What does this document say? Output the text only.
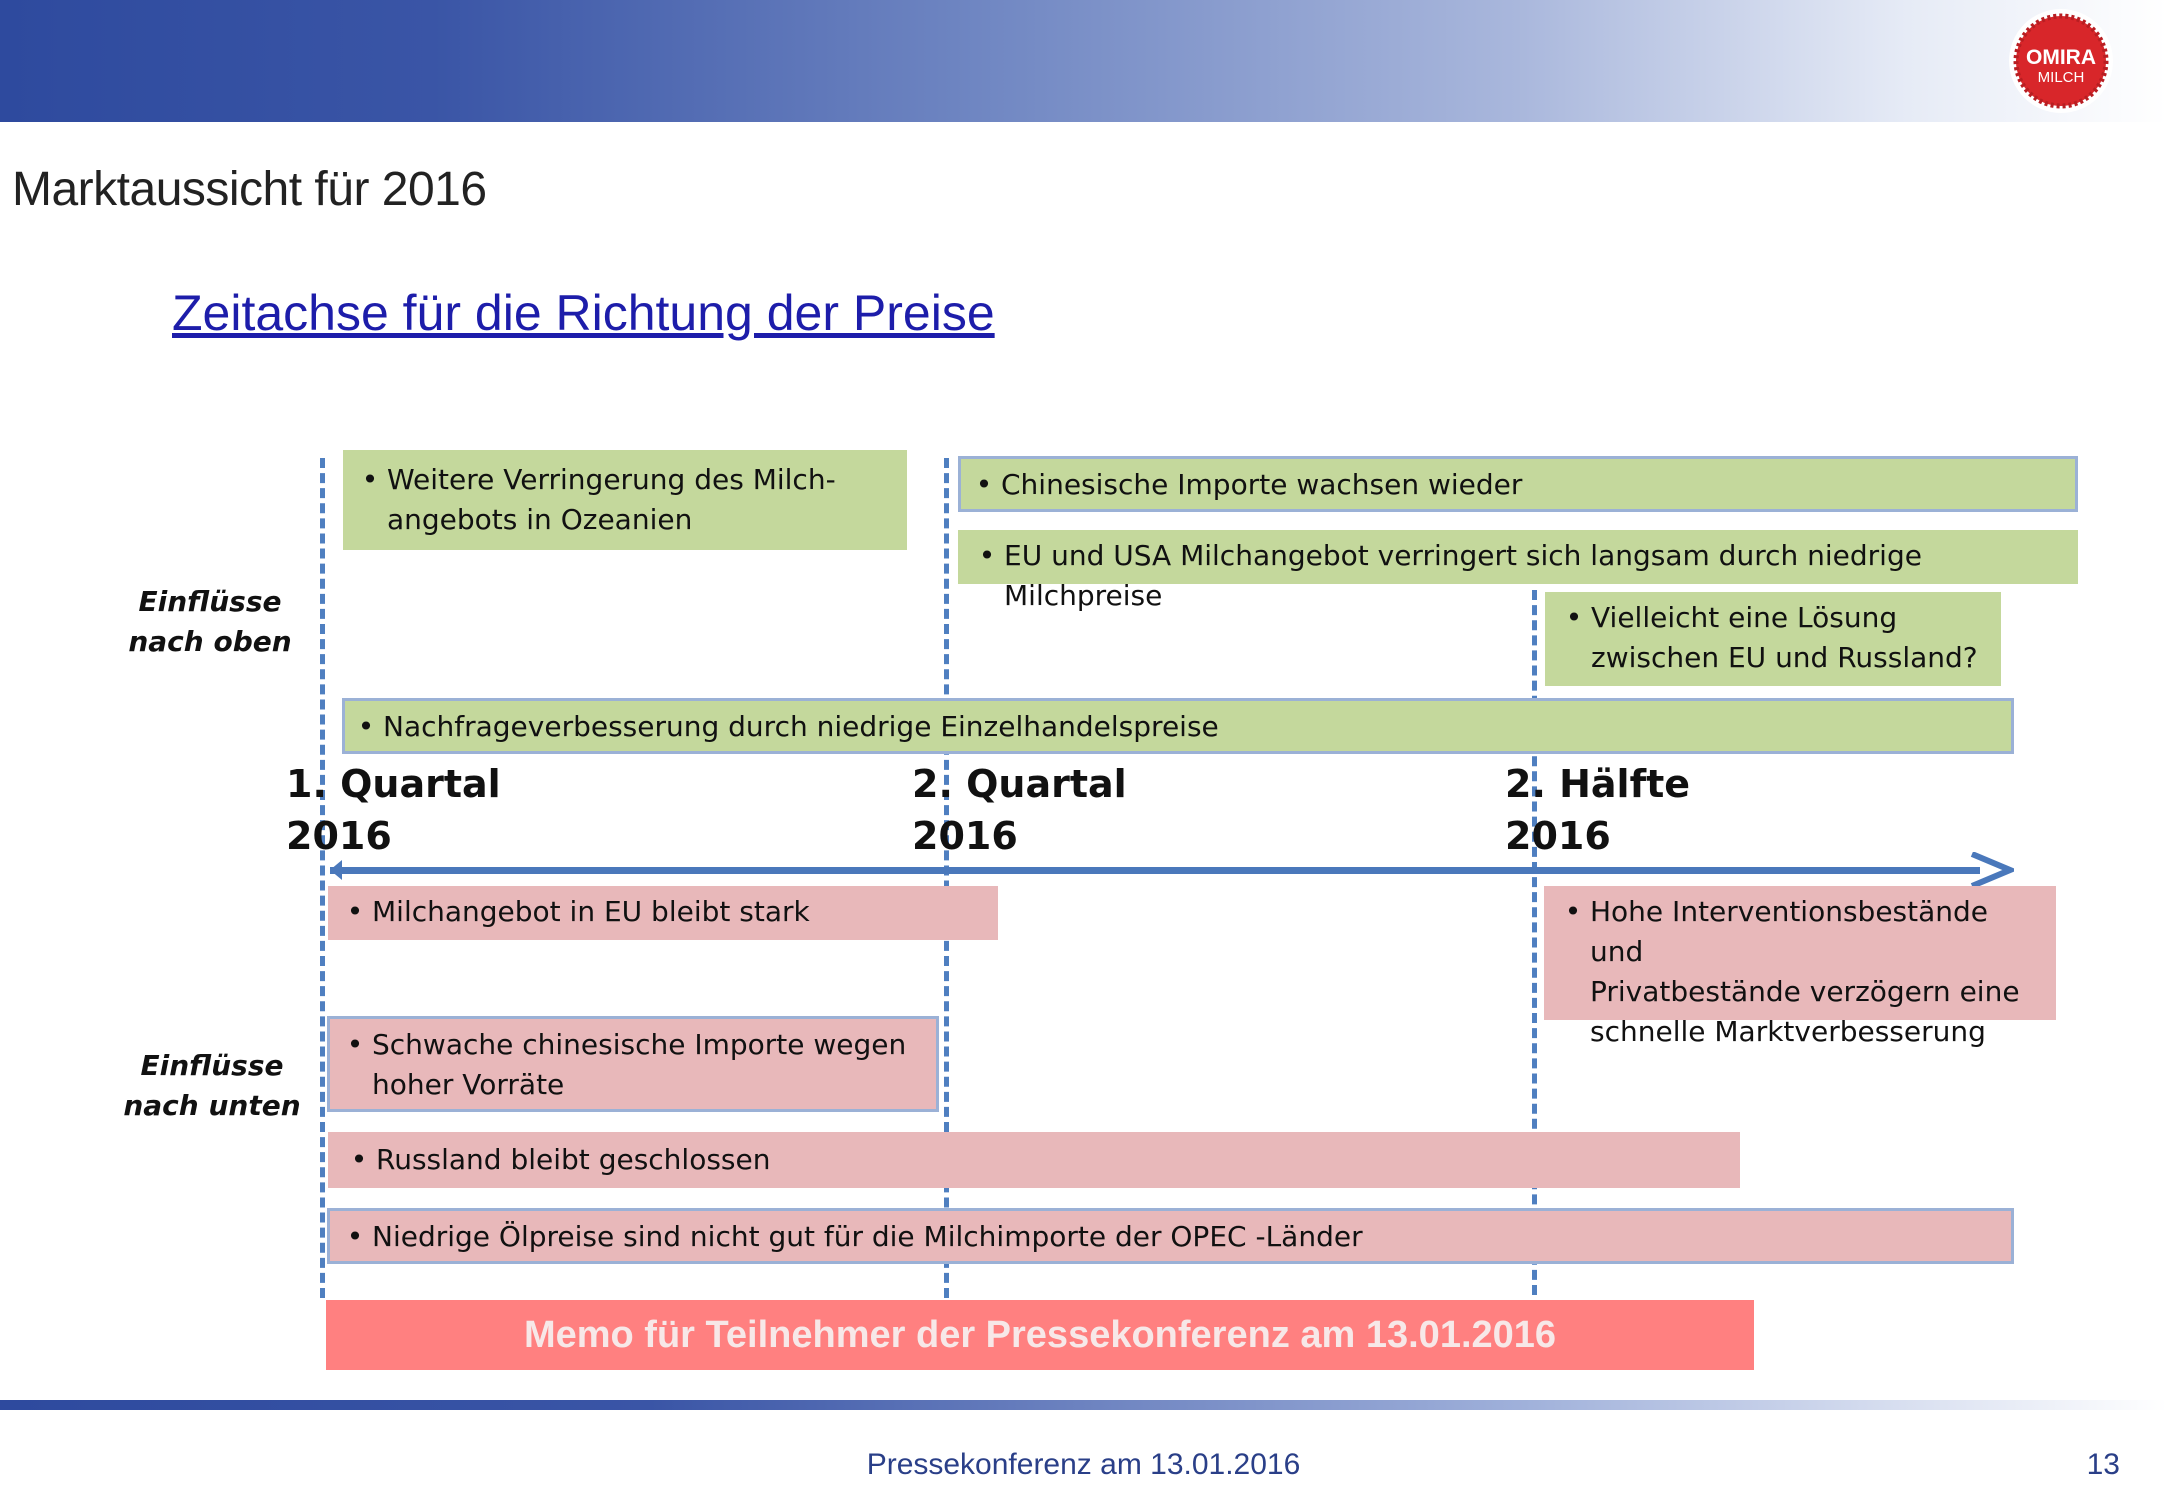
OMIRA
MILCH
Marktaussicht für 2016
Zeitachse für die Richtung der Preise
Einflüsse
nach oben
Einflüsse
nach unten
• Weitere Verringerung des Milch-
angebots in Ozeanien
• Chinesische Importe wachsen wieder
• EU und USA Milchangebot verringert sich langsam durch niedrige Milchpreise
• Vielleicht eine Lösung
zwischen EU und Russland?
• Nachfrageverbesserung durch niedrige Einzelhandelspreise
1. Quartal
2016
2. Quartal
2016
2. Hälfte
2016
• Milchangebot in EU bleibt stark	• Hohe Interventionsbestände und
Privatbestände verzögern eine
schnelle Marktverbesserung
• Schwache chinesische Importe wegen
hoher Vorräte
• Russland bleibt geschlossen
• Niedrige Ölpreise sind nicht gut für die Milchimporte der OPEC -Länder
Memo für Teilnehmer der Pressekonferenz am 13.01.2016
Pressekonferenz am 13.01.2016	13
